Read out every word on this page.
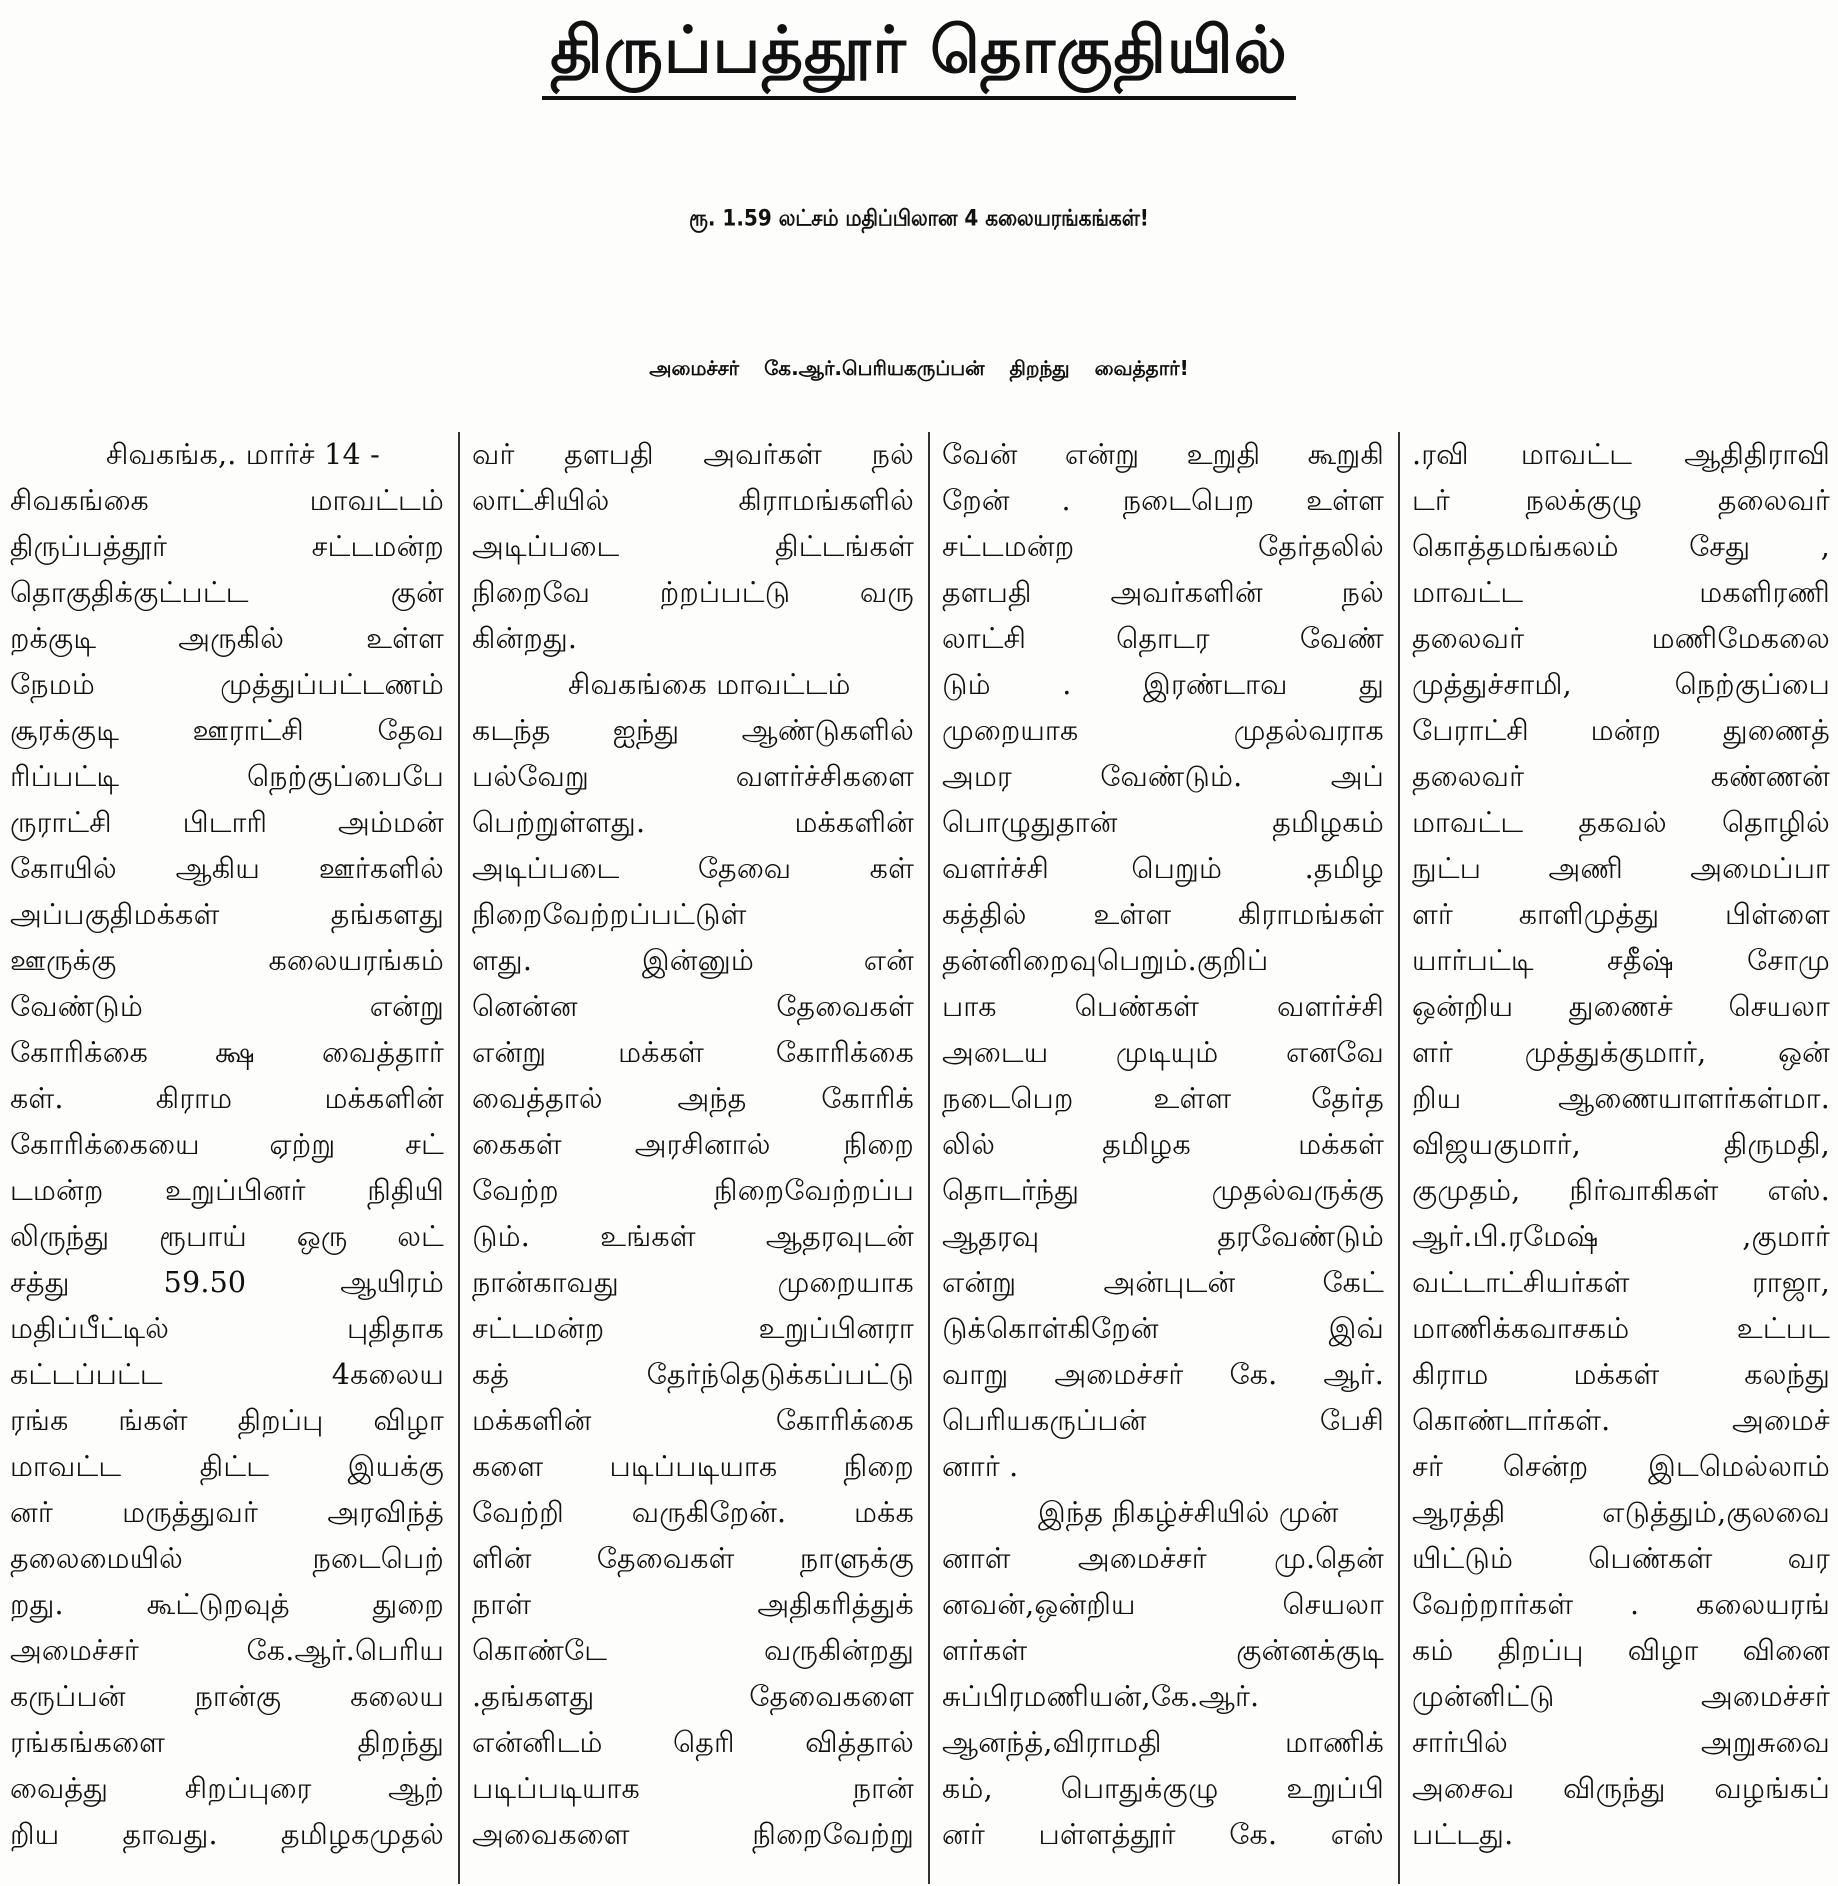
திருப்பத்தூர் தொகுதியில்
ரூ. 1.59 லட்சம் மதிப்பிலான 4 கலையரங்கங்கள்!
அமைச்சர் கே.ஆர்.பெரியகருப்பன் திறந்து வைத்தார்!
சிவகங்க,. மார்ச் 14 -
சிவகங்கை மாவட்டம்
திருப்பத்தூர் சட்டமன்ற
தொகுதிக்குட்பட்ட குன்
றக்குடி அருகில் உள்ள
நேமம் முத்துப்பட்டணம்
சூரக்குடி ஊராட்சி தேவ
ரிப்பட்டி நெற்குப்பைபே
ருராட்சி பிடாரி அம்மன்
கோயில் ஆகிய ஊர்களில்
அப்பகுதிமக்கள் தங்களது
ஊருக்கு கலையரங்கம்
வேண்டும் என்று
கோரிக்கை க்ஷ வைத்தார்
கள். கிராம மக்களின்
கோரிக்கையை ஏற்று சட்
டமன்ற உறுப்பினர் நிதியி
லிருந்து ரூபாய் ஒரு லட்
சத்து 59.50 ஆயிரம்
மதிப்பீட்டில் புதிதாக
கட்டப்பட்ட 4கலைய
ரங்க ங்கள் திறப்பு விழா
மாவட்ட திட்ட இயக்கு
னர் மருத்துவர் அரவிந்த்
தலைமையில் நடைபெற்
றது. கூட்டுறவுத் துறை
அமைச்சர் கே.ஆர்.பெரிய
கருப்பன் நான்கு கலைய
ரங்கங்களை திறந்து
வைத்து சிறப்புரை ஆற்
றிய தாவது. தமிழகமுதல்
வர் தளபதி அவர்கள் நல்
லாட்சியில் கிராமங்களில்
அடிப்படை திட்டங்கள்
நிறைவே ற்றப்பட்டு வரு
கின்றது.
சிவகங்கை மாவட்டம்
கடந்த ஐந்து ஆண்டுகளில்
பல்வேறு வளர்ச்சிகளை
பெற்றுள்ளது. மக்களின்
அடிப்படை தேவை கள்
நிறைவேற்றப்பட்டுள்
ளது. இன்னும் என்
னென்ன தேவைகள்
என்று மக்கள் கோரிக்கை
வைத்தால் அந்த கோரிக்
கைகள் அரசினால் நிறை
வேற்ற நிறைவேற்றப்ப
டும். உங்கள் ஆதரவுடன்
நான்காவது முறையாக
சட்டமன்ற உறுப்பினரா
கத் தேர்ந்தெடுக்கப்பட்டு
மக்களின் கோரிக்கை
களை படிப்படியாக நிறை
வேற்றி வருகிறேன். மக்க
ளின் தேவைகள் நாளுக்கு
நாள் அதிகரித்துக்
கொண்டே வருகின்றது
.தங்களது தேவைகளை
என்னிடம் தெரி வித்தால்
படிப்படியாக நான்
அவைகளை நிறைவேற்று
வேன் என்று உறுதி கூறுகி
றேன் . நடைபெற உள்ள
சட்டமன்ற தேர்தலில்
தளபதி அவர்களின் நல்
லாட்சி தொடர வேண்
டும் . இரண்டாவ து
முறையாக முதல்வராக
அமர வேண்டும். அப்
பொழுதுதான் தமிழகம்
வளர்ச்சி பெறும் .தமிழ
கத்தில் உள்ள கிராமங்கள்
தன்னிறைவுபெறும்.குறிப்
பாக பெண்கள் வளர்ச்சி
அடைய முடியும் எனவே
நடைபெற உள்ள தேர்த
லில் தமிழக மக்கள்
தொடர்ந்து முதல்வருக்கு
ஆதரவு தரவேண்டும்
என்று அன்புடன் கேட்
டுக்கொள்கிறேன் இவ்
வாறு அமைச்சர் கே. ஆர்.
பெரியகருப்பன் பேசி
னார் .
இந்த நிகழ்ச்சியில் முன்
னாள் அமைச்சர் மு.தென்
னவன்,ஒன்றிய செயலா
ளர்கள் குன்னக்குடி
சுப்பிரமணியன்,கே.ஆர்.
ஆனந்த்,விராமதி மாணிக்
கம், பொதுக்குழு உறுப்பி
னர் பள்ளத்தூர் கே. எஸ்
.ரவி மாவட்ட ஆதிதிராவி
டர் நலக்குழு தலைவர்
கொத்தமங்கலம் சேது ,
மாவட்ட மகளிரணி
தலைவர் மணிமேகலை
முத்துச்சாமி, நெற்குப்பை
பேராட்சி மன்ற துணைத்
தலைவர் கண்ணன்
மாவட்ட தகவல் தொழில்
நுட்ப அணி அமைப்பா
ளர் காளிமுத்து பிள்ளை
யார்பட்டி சதீஷ் சோமு
ஒன்றிய துணைச் செயலா
ளர் முத்துக்குமார், ஒன்
றிய ஆணையாளர்கள்மா.
விஜயகுமார், திருமதி,
குமுதம், நிர்வாகிகள் எஸ்.
ஆர்.பி.ரமேஷ் ,குமார்
வட்டாட்சியர்கள் ராஜா,
மாணிக்கவாசகம் உட்பட
கிராம மக்கள் கலந்து
கொண்டார்கள். அமைச்
சர் சென்ற இடமெல்லாம்
ஆரத்தி எடுத்தும்,குலவை
யிட்டும் பெண்கள் வர
வேற்றார்கள் . கலையரங்
கம் திறப்பு விழா வினை
முன்னிட்டு அமைச்சர்
சார்பில் அறுசுவை
அசைவ விருந்து வழங்கப்
பட்டது.
